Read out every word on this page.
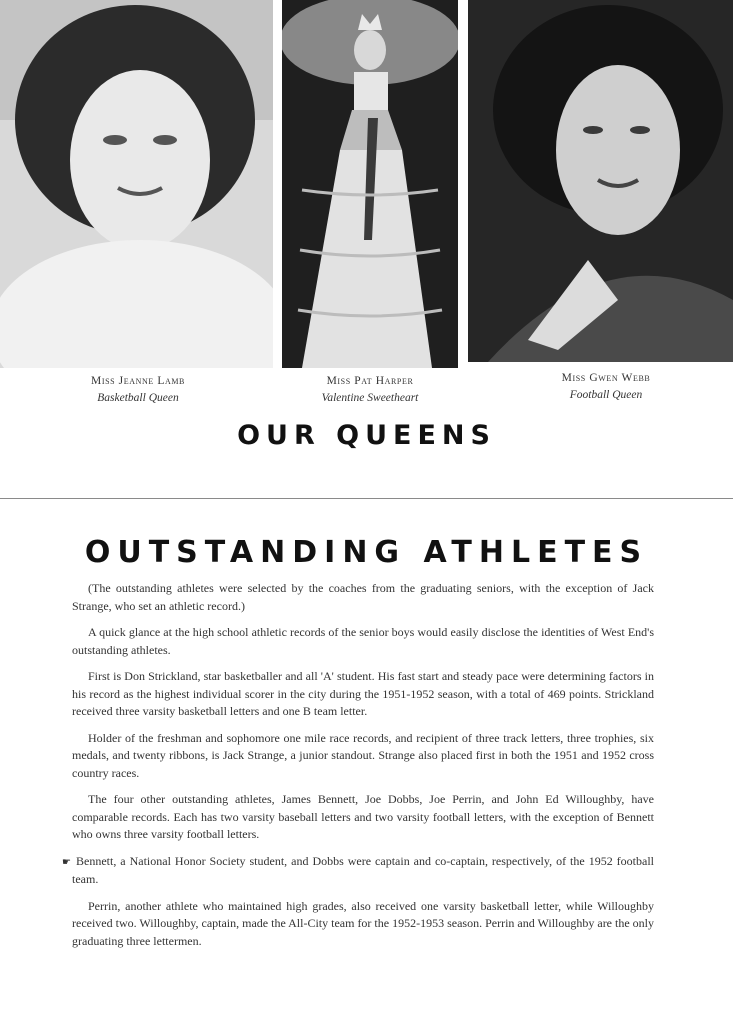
Miss Jeanne Lamb
Basketball Queen
Miss Pat Harper
Valentine Sweetheart
Miss Gwen Webb
Football Queen
OUR QUEENS
OUTSTANDING ATHLETES

(The outstanding athletes were selected by the coaches from the graduating seniors, with the exception of Jack Strange, who set an athletic record.)

A quick glance at the high school athletic records of the senior boys would easily disclose the identities of West End's outstanding athletes.

First is Don Strickland, star basketballer and all 'A' student. His fast start and steady pace were determining factors in his record as the highest individual scorer in the city during the 1951-1952 season, with a total of 469 points. Strickland received three varsity basketball letters and one B team letter.

Holder of the freshman and sophomore one mile race records, and recipient of three track letters, three trophies, six medals, and twenty ribbons, is Jack Strange, a junior standout. Strange also placed first in both the 1951 and 1952 cross country races.

The four other outstanding athletes, James Bennett, Joe Dobbs, Joe Perrin, and John Ed Willoughby, have comparable records. Each has two varsity baseball letters and two varsity football letters, with the exception of Bennett who owns three varsity football letters.

☛ Bennett, a National Honor Society student, and Dobbs were captain and co-captain, respectively, of the 1952 football team.

Perrin, another athlete who maintained high grades, also received one varsity basketball letter, while Willoughby received two. Willoughby, captain, made the All-City team for the 1952-1953 season. Perrin and Willoughby are the only graduating three lettermen.
